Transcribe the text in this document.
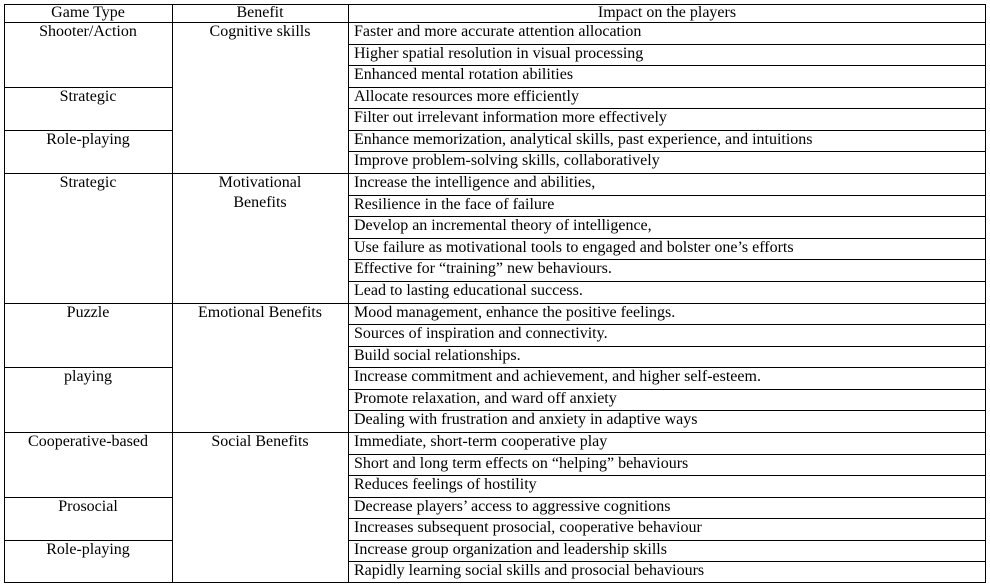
Game Type	Benefit	Impact on the players
Faster and more accurate attention allocation
Higher spatial resolution in visual processing
Enhanced mental rotation abilities
Allocate resources more efficiently
Filter out irrelevant information more effectively
Enhance memorization, analytical skills, past experience, and intuitions
Improve problem-solving skills, collaboratively
Increase the intelligence and abilities,
Resilience in the face of failure
Develop an incremental theory of intelligence,
Use failure as motivational tools to engaged and bolster one’s efforts
Effective for “training” new behaviours.
Lead to lasting educational success.
Mood management, enhance the positive feelings.
Sources of inspiration and connectivity.
Build social relationships.
Increase commitment and achievement, and higher self-esteem.
Promote relaxation, and ward off anxiety
Dealing with frustration and anxiety in adaptive ways
Immediate, short-term cooperative play
Short and long term effects on “helping” behaviours
Reduces feelings of hostility
Decrease players’ access to aggressive cognitions
Increases subsequent prosocial, cooperative behaviour
Increase group organization and leadership skills
Rapidly learning social skills and prosocial behaviours
Shooter/Action
Strategic
Role-playing
Strategic
Puzzle
playing
Cooperative-based
Prosocial
Role-playing
Cognitive skills
Motivational
Benefits
Emotional Benefits
Social Benefits
